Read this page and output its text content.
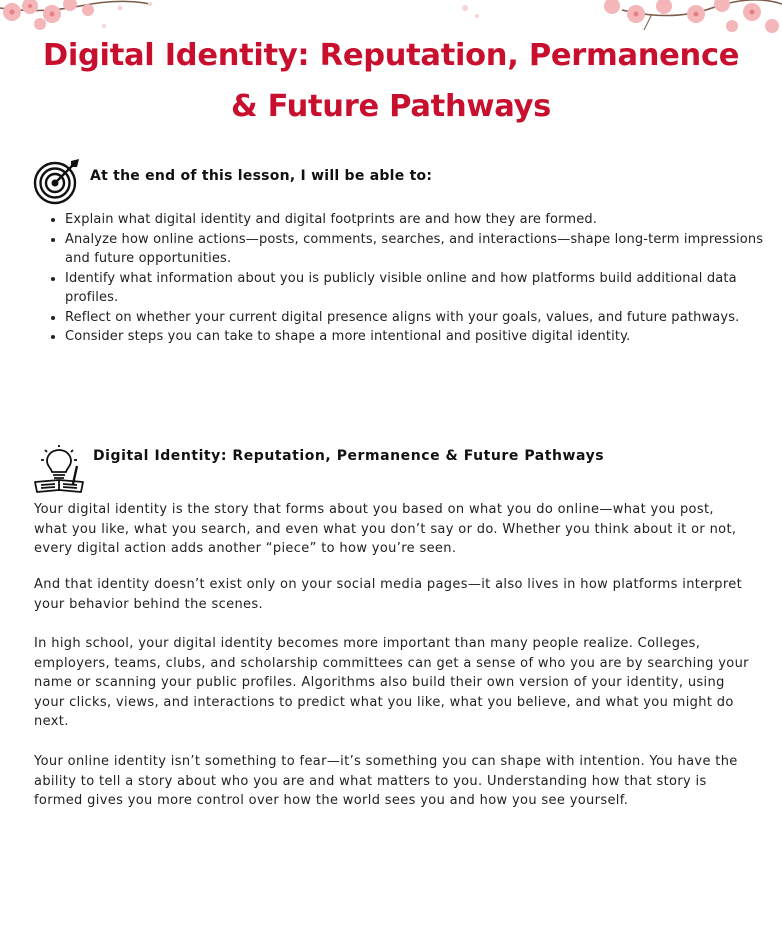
Digital Identity: Reputation, Permanence
& Future Pathways
At the end of this lesson, I will be able to:
• Explain what digital identity and digital footprints are and how they are formed.
• Analyze how online actions—posts, comments, searches, and interactions—shape long-term impressions and future opportunities.
• Identify what information about you is publicly visible online and how platforms build additional data profiles.
• Reflect on whether your current digital presence aligns with your goals, values, and future pathways.
• Consider steps you can take to shape a more intentional and positive digital identity.
Digital Identity: Reputation, Permanence & Future Pathways

Your digital identity is the story that forms about you based on what you do online—what you post, what you like, what you search, and even what you don’t say or do. Whether you think about it or not, every digital action adds another “piece” to how you’re seen.

And that identity doesn’t exist only on your social media pages—it also lives in how platforms interpret your behavior behind the scenes.

In high school, your digital identity becomes more important than many people realize. Colleges, employers, teams, clubs, and scholarship committees can get a sense of who you are by searching your name or scanning your public profiles. Algorithms also build their own version of your identity, using your clicks, views, and interactions to predict what you like, what you believe, and what you might do next.

Your online identity isn’t something to fear—it’s something you can shape with intention. You have the ability to tell a story about who you are and what matters to you. Understanding how that story is formed gives you more control over how the world sees you and how you see yourself.
